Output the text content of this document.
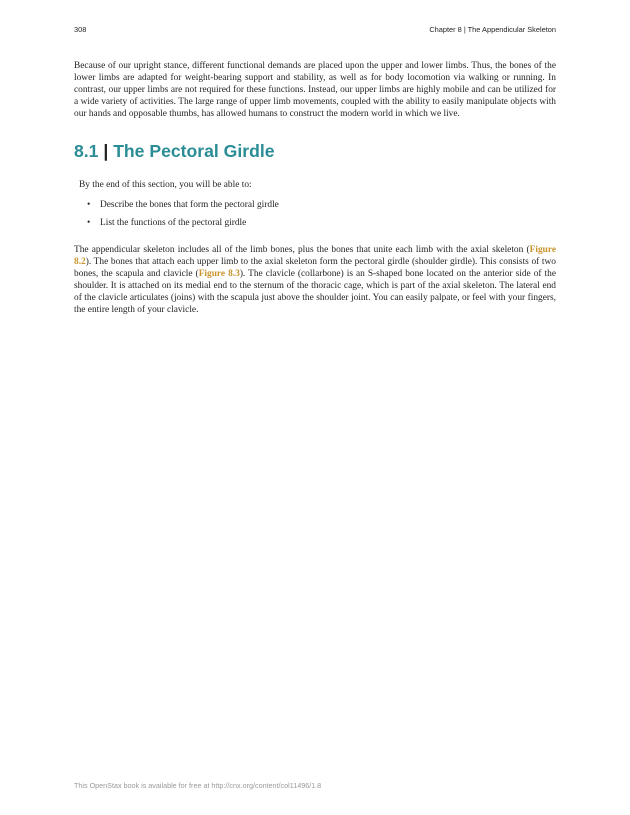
308	Chapter 8 | The Appendicular Skeleton

Because of our upright stance, different functional demands are placed upon the upper and lower limbs. Thus, the bones of the lower limbs are adapted for weight-bearing support and stability, as well as for body locomotion via walking or running. In contrast, our upper limbs are not required for these functions. Instead, our upper limbs are highly mobile and can be utilized for a wide variety of activities. The large range of upper limb movements, coupled with the ability to easily manipulate objects with our hands and opposable thumbs, has allowed humans to construct the modern world in which we live.

8.1 | The Pectoral Girdle

By the end of this section, you will be able to:

• Describe the bones that form the pectoral girdle
• List the functions of the pectoral girdle

The appendicular skeleton includes all of the limb bones, plus the bones that unite each limb with the axial skeleton (Figure 8.2). The bones that attach each upper limb to the axial skeleton form the pectoral girdle (shoulder girdle). This consists of two bones, the scapula and clavicle (Figure 8.3). The clavicle (collarbone) is an S-shaped bone located on the anterior side of the shoulder. It is attached on its medial end to the sternum of the thoracic cage, which is part of the axial skeleton. The lateral end of the clavicle articulates (joins) with the scapula just above the shoulder joint. You can easily palpate, or feel with your fingers, the entire length of your clavicle.

This OpenStax book is available for free at http://cnx.org/content/col11496/1.8
